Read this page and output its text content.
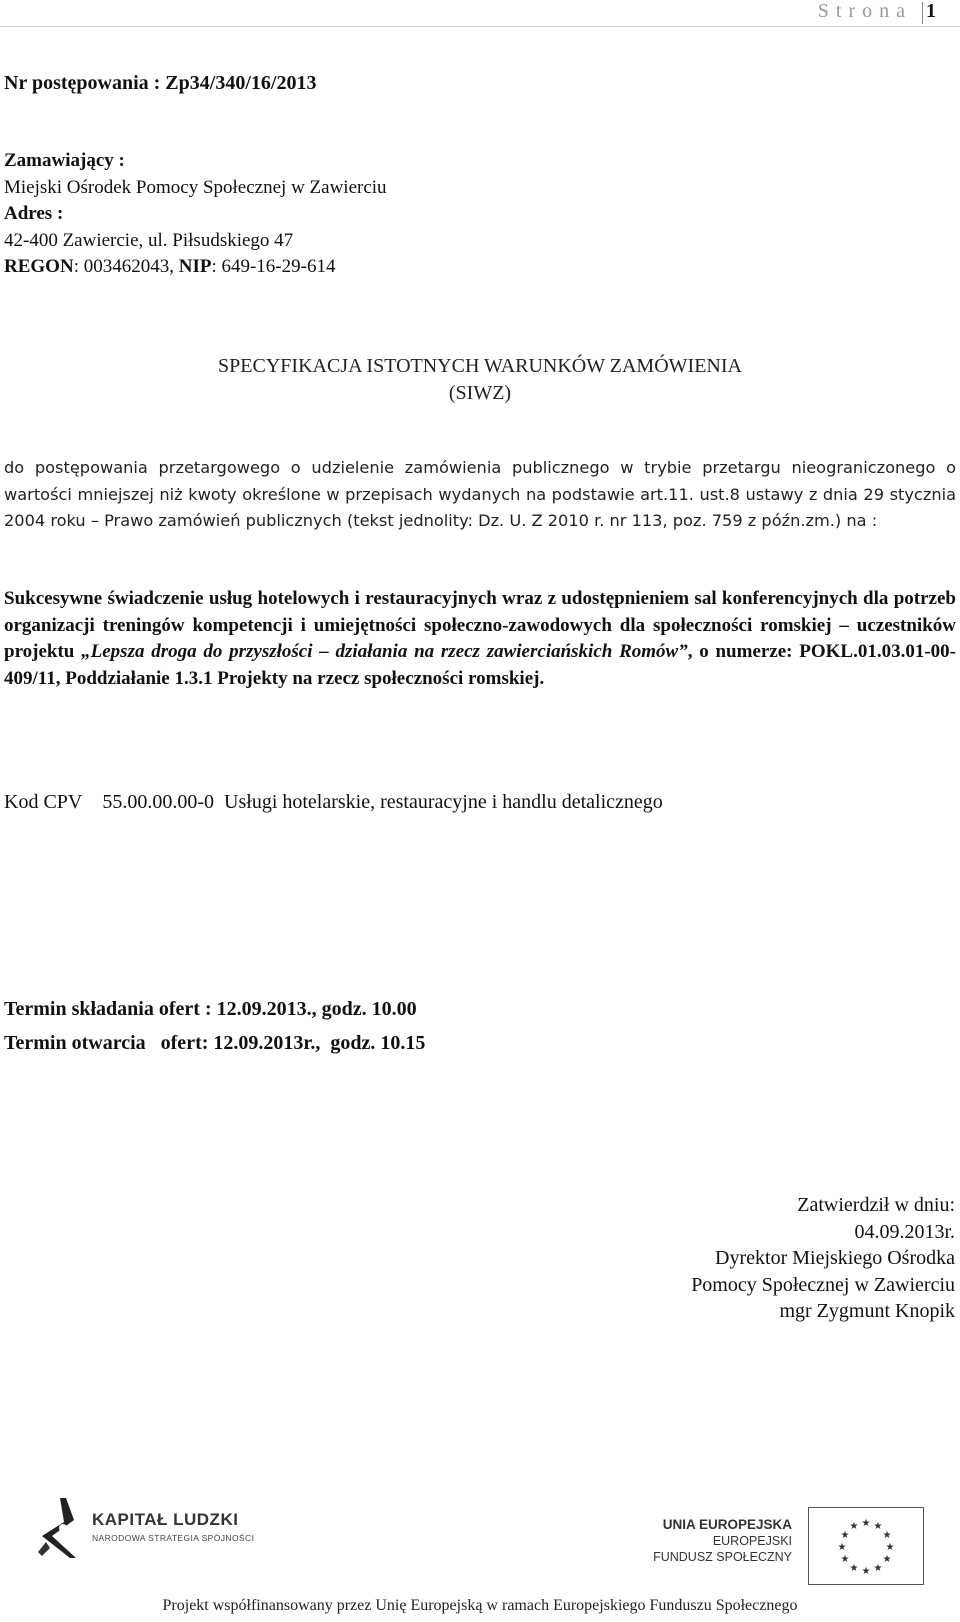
Strona 1
Nr postępowania : Zp34/340/16/2013
Zamawiający :
Miejski Ośrodek Pomocy Społecznej w Zawierciu
Adres :
42-400 Zawiercie, ul. Piłsudskiego 47
REGON: 003462043, NIP: 649-16-29-614
SPECYFIKACJA ISTOTNYCH WARUNKÓW ZAMÓWIENIA
(SIWZ)
do postępowania przetargowego o udzielenie zamówienia publicznego w trybie przetargu nieograniczonego o wartości mniejszej niż kwoty określone w przepisach wydanych na podstawie art.11. ust.8 ustawy z dnia 29 stycznia 2004 roku – Prawo zamówień publicznych (tekst jednolity: Dz. U. Z 2010 r. nr 113, poz. 759 z późn.zm.) na :
Sukcesywne świadczenie usług hotelowych i restauracyjnych wraz z udostępnieniem sal konferencyjnych dla potrzeb organizacji treningów kompetencji i umiejętności społeczno-zawodowych dla społeczności romskiej – uczestników projektu „Lepsza droga do przyszłości – działania na rzecz zawierciańskich Romów”, o numerze: POKL.01.03.01-00-409/11, Poddziałanie 1.3.1 Projekty na rzecz społeczności romskiej.
Kod CPV 55.00.00.00-0 Usługi hotelarskie, restauracyjne i handlu detalicznego
Termin składania ofert : 12.09.2013., godz. 10.00
Termin otwarcia   ofert: 12.09.2013r.,  godz. 10.15
Zatwierdził w dniu:
04.09.2013r.
Dyrektor Miejskiego Ośrodka
Pomocy Społecznej w Zawierciu
mgr Zygmunt Knopik
KAPITAŁ LUDZKI
NARODOWA STRATEGIA SPÓJNOŚCI
UNIA EUROPEJSKA
EUROPEJSKI
FUNDUSZ SPOŁECZNY
★ ★
★
★
★
★
★
★
★
★
★
★
Projekt współfinansowany przez Unię Europejską w ramach Europejskiego Funduszu Społecznego
